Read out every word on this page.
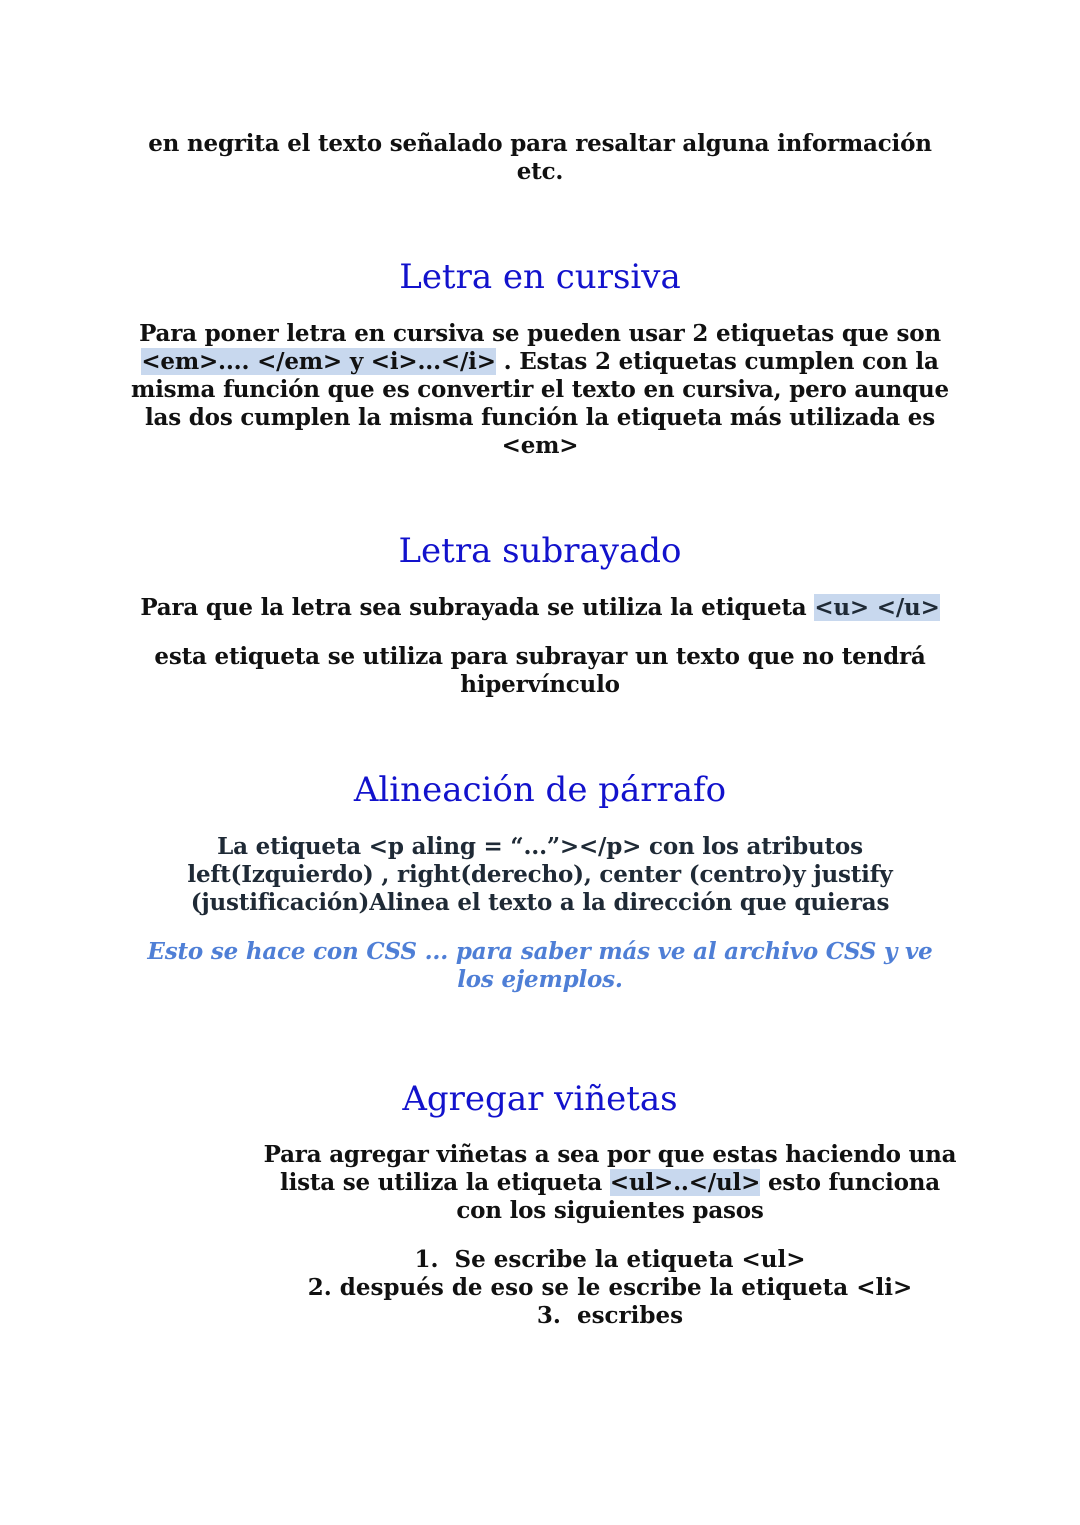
en negrita el texto señalado para resaltar alguna información
etc.
Letra en cursiva
Para poner letra en cursiva se pueden usar 2 etiquetas que son
<em>.... </em> y <i>...</i> . Estas 2 etiquetas cumplen con la
misma función que es convertir el texto en cursiva, pero aunque
las dos cumplen la misma función la etiqueta más utilizada es
<em>
Letra subrayado
Para que la letra sea subrayada se utiliza la etiqueta <u> </u>
esta etiqueta se utiliza para subrayar un texto que no tendrá
hipervínculo
Alineación de párrafo
La etiqueta <p aling = “...”></p> con los atributos
left(Izquierdo) , right(derecho), center (centro)y justify
(justificación)Alinea el texto a la dirección que quieras
Esto se hace con CSS ... para saber más ve al archivo CSS y ve
los ejemplos.
Agregar viñetas
Para agregar viñetas a sea por que estas haciendo una
lista se utiliza la etiqueta <ul>..</ul> esto funciona
con los siguientes pasos
1. Se escribe la etiqueta <ul>
2. después de eso se le escribe la etiqueta <li>
3. escribes
